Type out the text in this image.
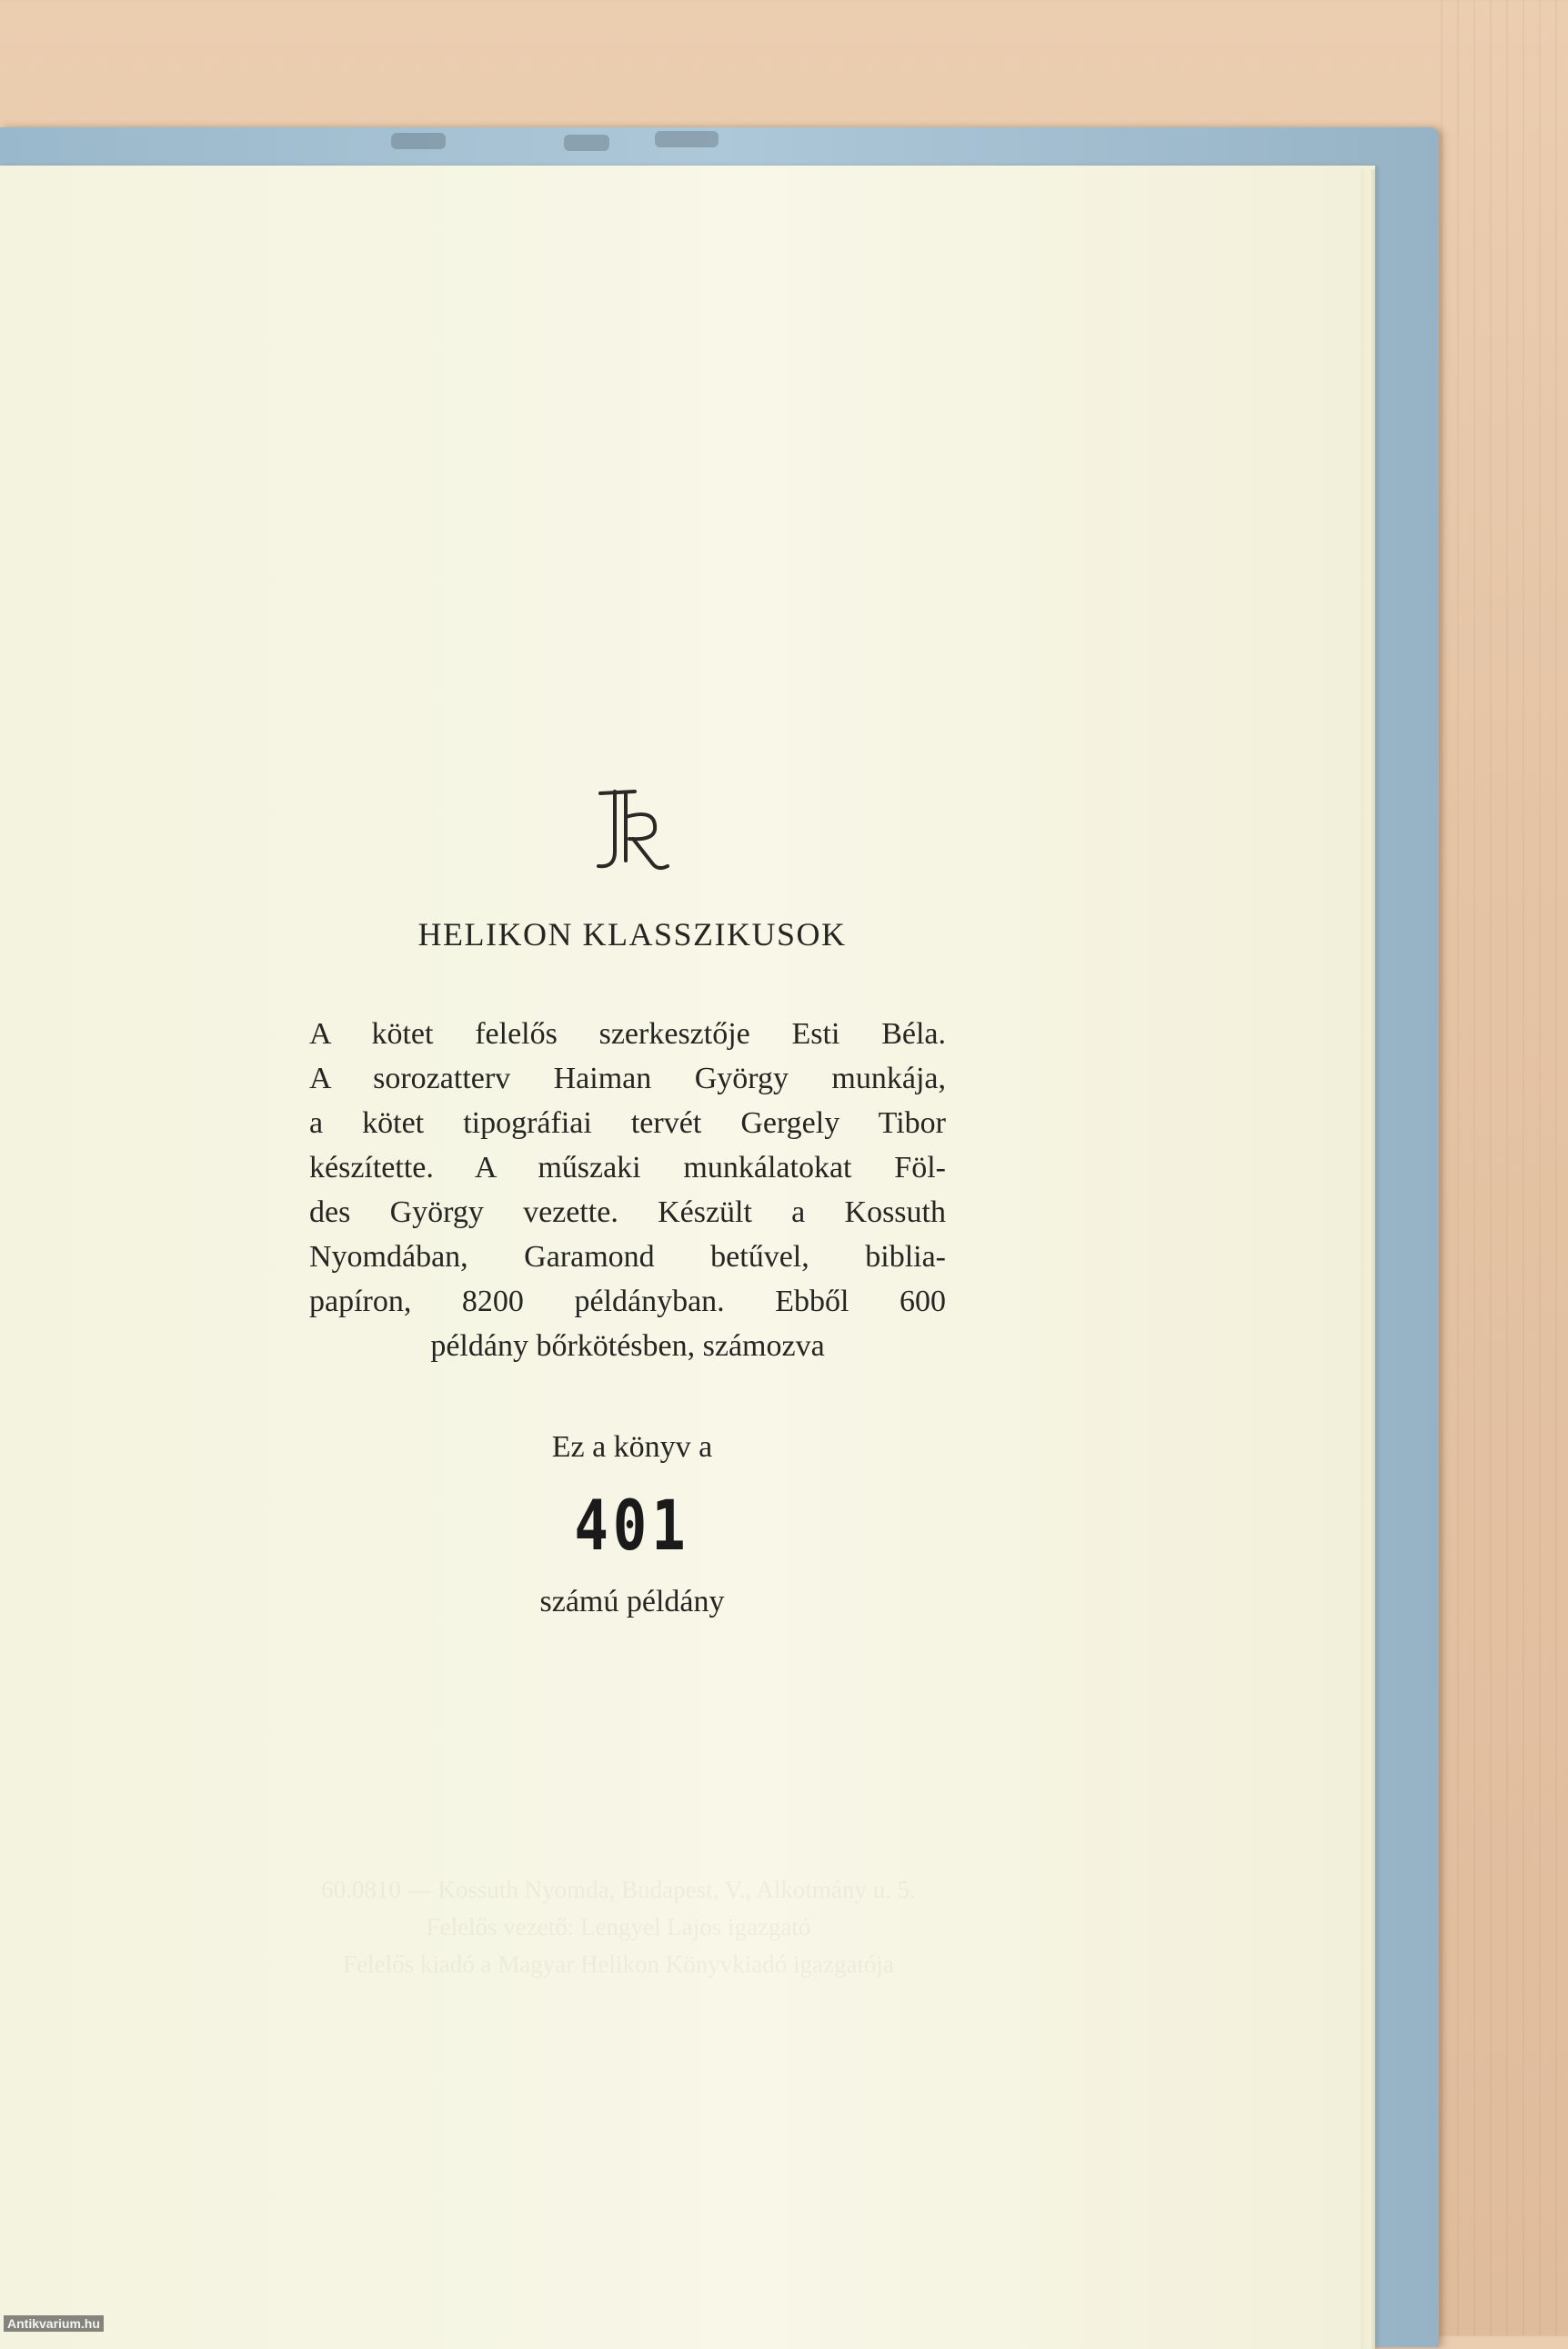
HELIKON KLASSZIKUSOK
A kötet felelős szerkesztője Esti Béla.
A sorozatterv Haiman György munkája,
a kötet tipográfiai tervét Gergely Tibor
készítette. A műszaki munkálatokat Föl-
des György vezette. Készült a Kossuth
Nyomdában, Garamond betűvel, biblia-
papíron, 8200 példányban. Ebből 600
példány bőrkötésben, számozva
Ez a könyv a
401
számú példány
60.0810 — Kossuth Nyomda, Budapest, V., Alkotmány u. 5.
Felelős vezető: Lengyel Lajos igazgató
Felelős kiadó a Magyar Helikon Könyvkiadó igazgatója
Antikvarium.hu
